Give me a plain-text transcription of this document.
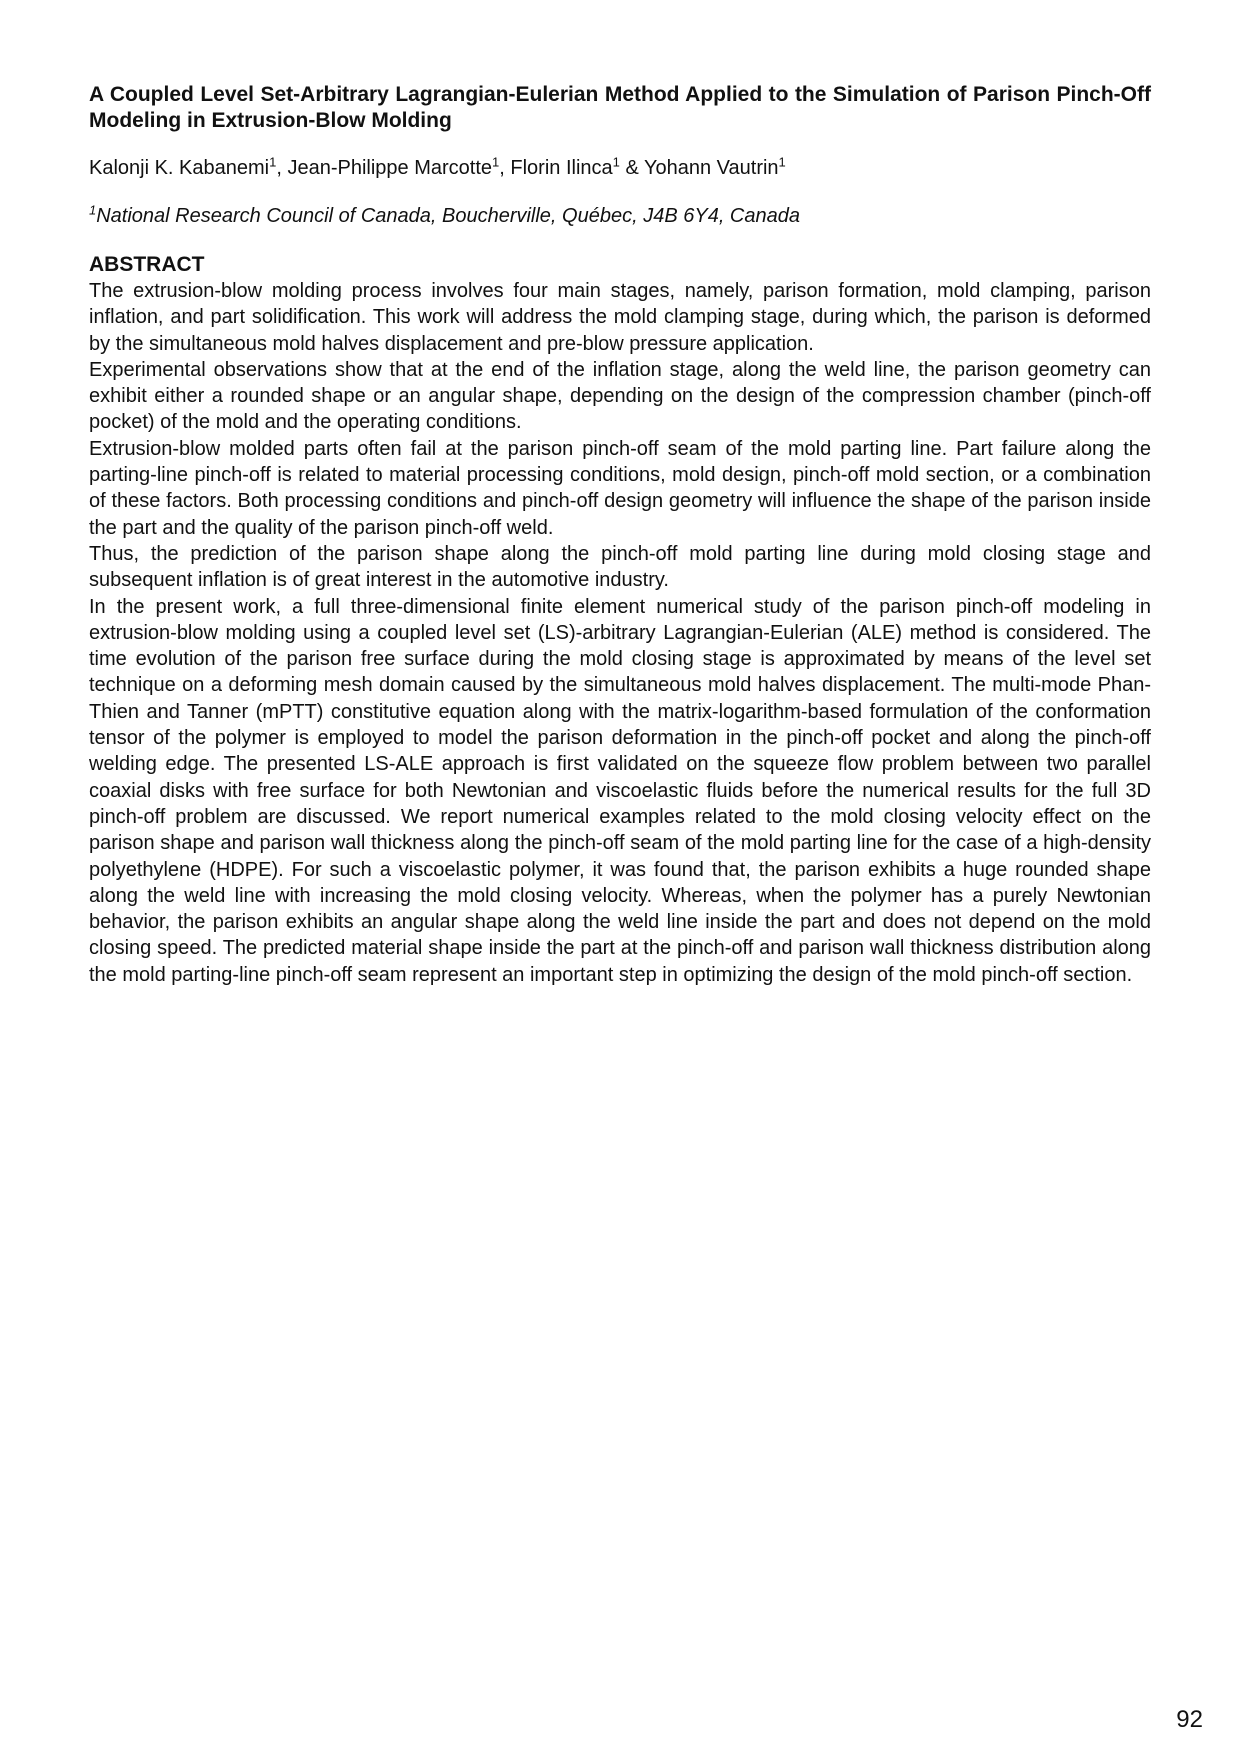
A Coupled Level Set-Arbitrary Lagrangian-Eulerian Method Applied to the Simulation of Parison Pinch-Off Modeling in Extrusion-Blow Molding
Kalonji K. Kabanemi$^1$, Jean-Philippe Marcotte$^1$, Florin Ilinca$^1$ & Yohann Vautrin$^1$
$^1$National Research Council of Canada, Boucherville, Québec, J4B 6Y4, Canada
ABSTRACT

The extrusion-blow molding process involves four main stages, namely, parison formation, mold clamping, parison inflation, and part solidification. This work will address the mold clamping stage, during which, the parison is deformed by the simultaneous mold halves displacement and pre-blow pressure application.

Experimental observations show that at the end of the inflation stage, along the weld line, the parison geometry can exhibit either a rounded shape or an angular shape, depending on the design of the compression chamber (pinch-off pocket) of the mold and the operating conditions.

Extrusion-blow molded parts often fail at the parison pinch-off seam of the mold parting line. Part failure along the parting-line pinch-off is related to material processing conditions, mold design, pinch-off mold section, or a combination of these factors. Both processing conditions and pinch-off design geometry will influence the shape of the parison inside the part and the quality of the parison pinch-off weld.

Thus, the prediction of the parison shape along the pinch-off mold parting line during mold closing stage and subsequent inflation is of great interest in the automotive industry.

In the present work, a full three-dimensional finite element numerical study of the parison pinch-off modeling in extrusion-blow molding using a coupled level set (LS)-arbitrary Lagrangian-Eulerian (ALE) method is considered. The time evolution of the parison free surface during the mold closing stage is approximated by means of the level set technique on a deforming mesh domain caused by the simultaneous mold halves displacement. The multi-mode Phan-Thien and Tanner (mPTT) constitutive equation along with the matrix-logarithm-based formulation of the conformation tensor of the polymer is employed to model the parison deformation in the pinch-off pocket and along the pinch-off welding edge. The presented LS-ALE approach is first validated on the squeeze flow problem between two parallel coaxial disks with free surface for both Newtonian and viscoelastic fluids before the numerical results for the full 3D pinch-off problem are discussed. We report numerical examples related to the mold closing velocity effect on the parison shape and parison wall thickness along the pinch-off seam of the mold parting line for the case of a high-density polyethylene (HDPE). For such a viscoelastic polymer, it was found that, the parison exhibits a huge rounded shape along the weld line with increasing the mold closing velocity. Whereas, when the polymer has a purely Newtonian behavior, the parison exhibits an angular shape along the weld line inside the part and does not depend on the mold closing speed. The predicted material shape inside the part at the pinch-off and parison wall thickness distribution along the mold parting-line pinch-off seam represent an important step in optimizing the design of the mold pinch-off section.

92
